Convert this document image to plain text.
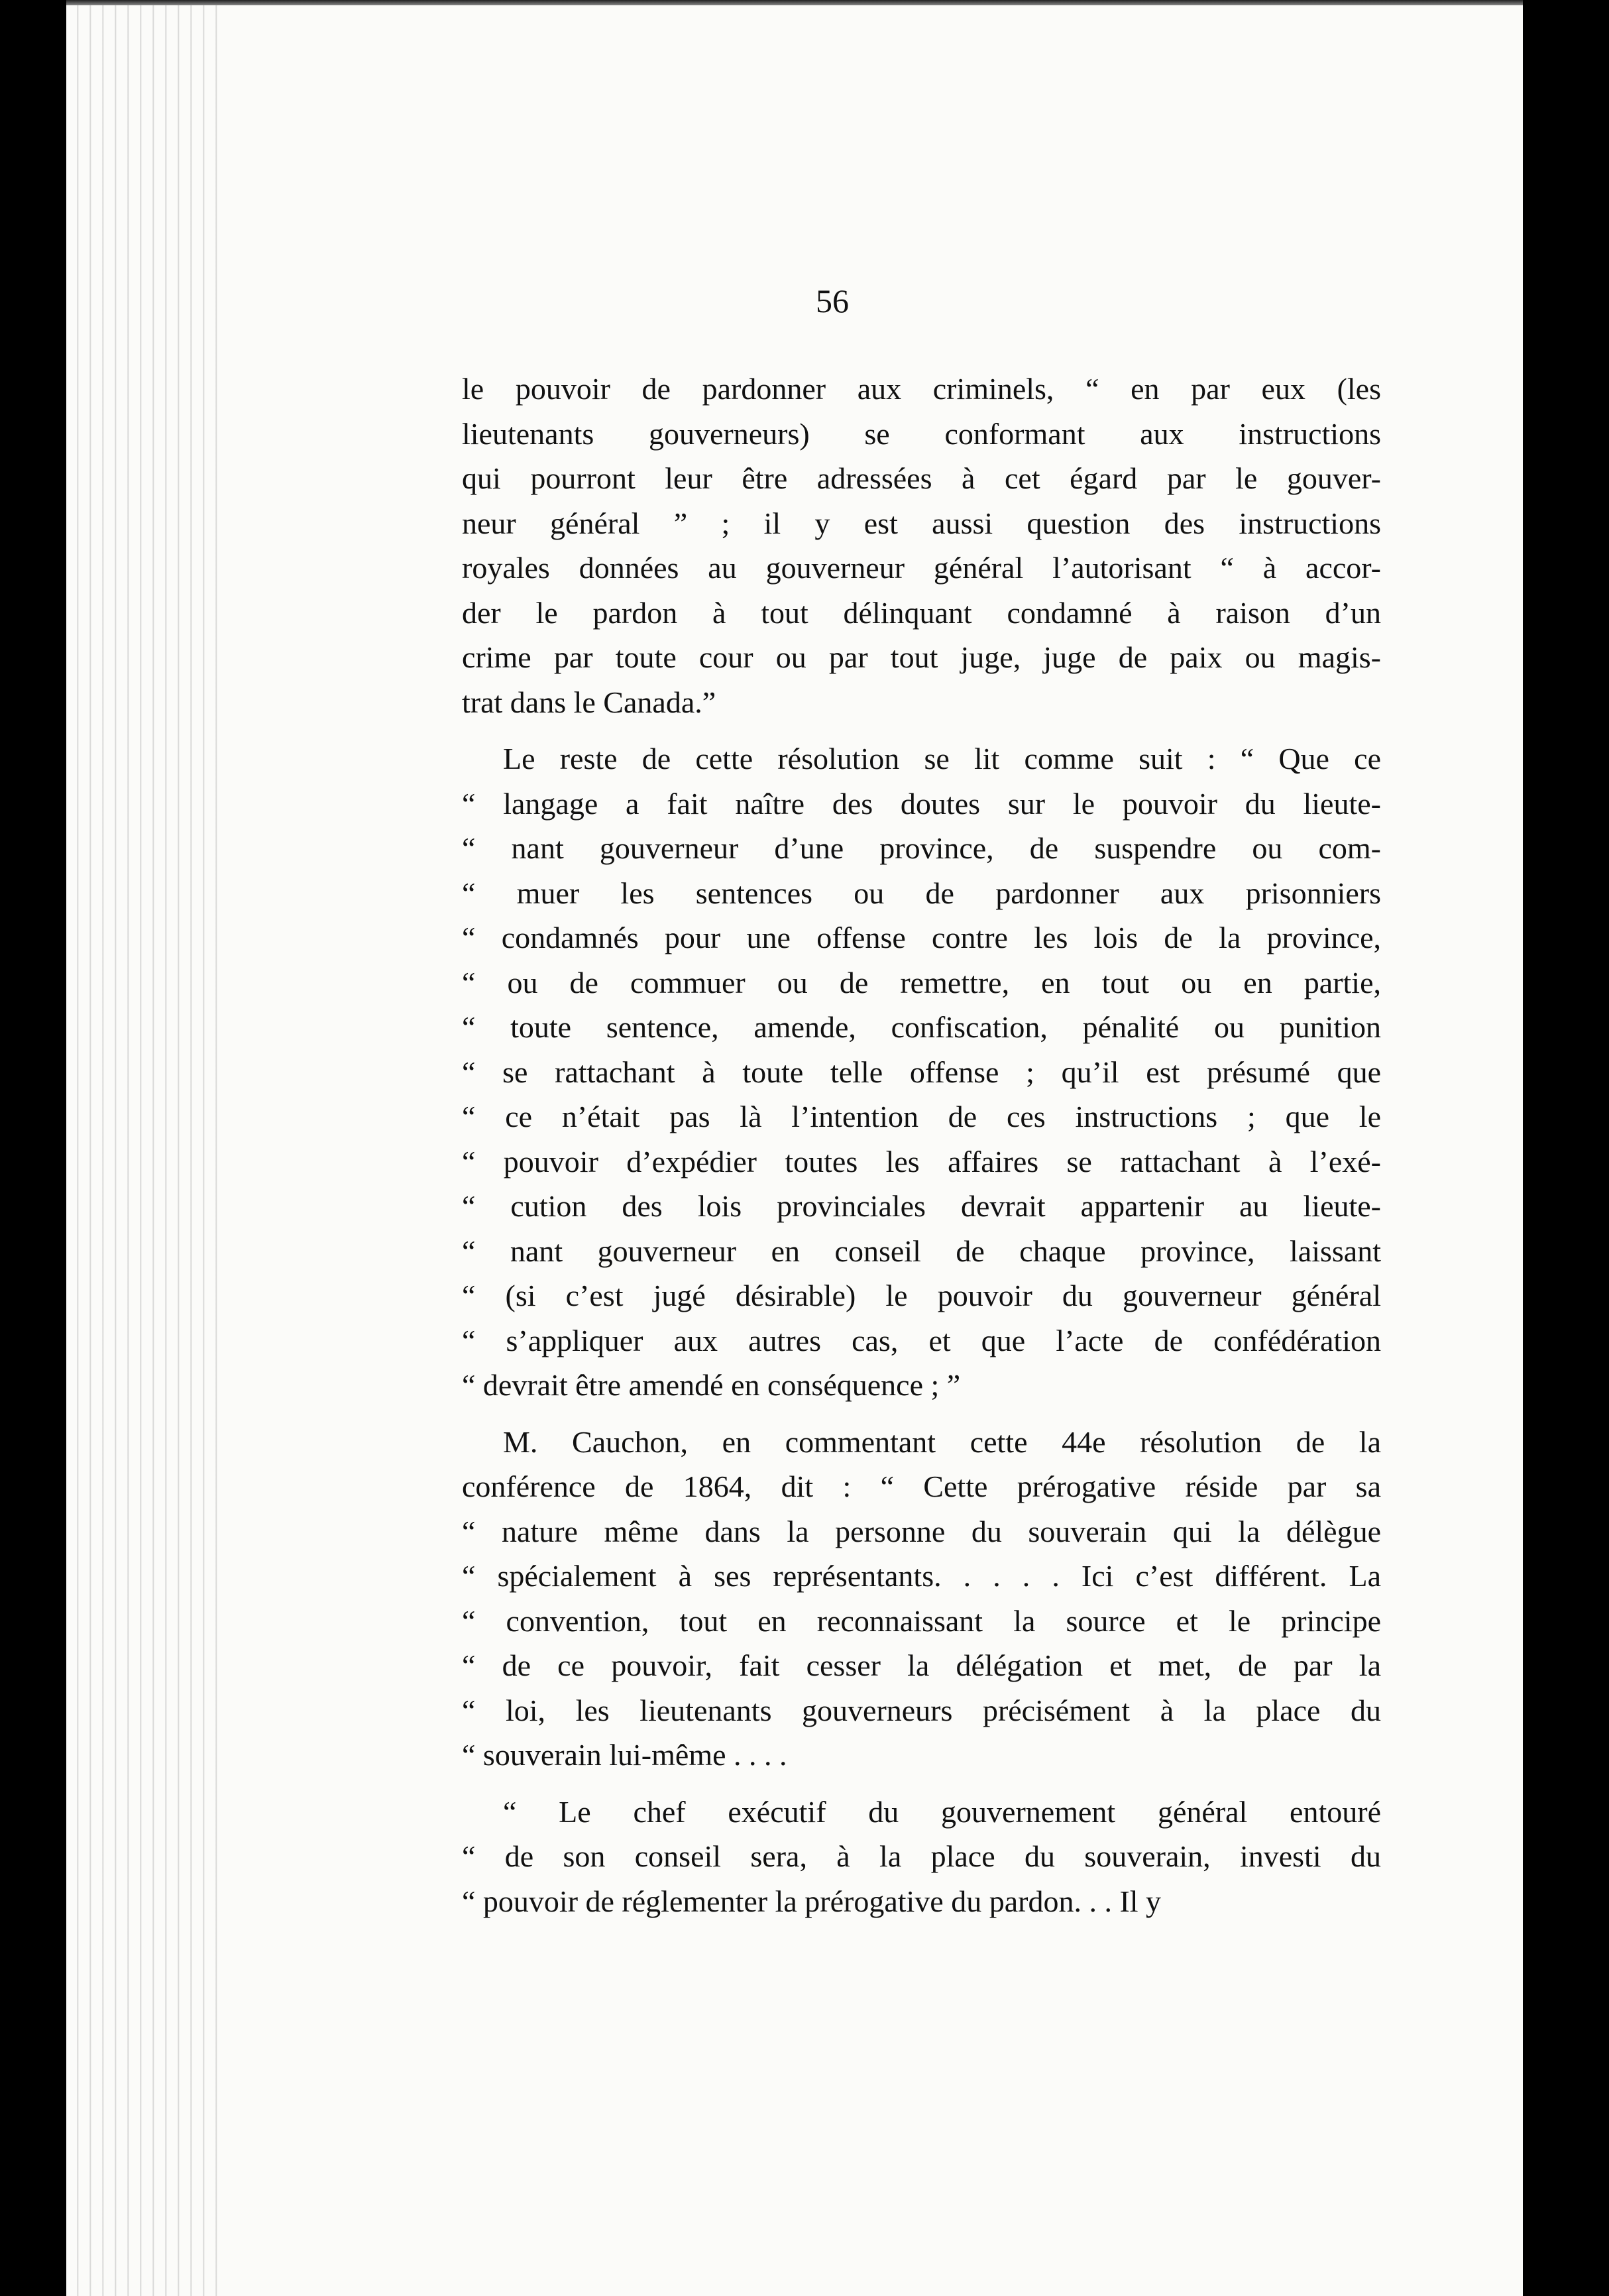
56
le pouvoir de pardonner aux criminels, “ en par eux (les
lieutenants gouverneurs) se conformant aux instructions
qui pourront leur être adressées à cet égard par le gouver-
neur général ” ; il y est aussi question des instructions
royales données au gouverneur général l’autorisant “ à accor-
der le pardon à tout délinquant condamné à raison d’un
crime par toute cour ou par tout juge, juge de paix ou magis-
trat dans le Canada.”
Le reste de cette résolution se lit comme suit : “ Que ce
“ langage a fait naître des doutes sur le pouvoir du lieute-
“ nant gouverneur d’une province, de suspendre ou com-
“ muer les sentences ou de pardonner aux prisonniers
“ condamnés pour une offense contre les lois de la province,
“ ou de commuer ou de remettre, en tout ou en partie,
“ toute sentence, amende, confiscation, pénalité ou punition
“ se rattachant à toute telle offense ; qu’il est présumé que
“ ce n’était pas là l’intention de ces instructions ; que le
“ pouvoir d’expédier toutes les affaires se rattachant à l’exé-
“ cution des lois provinciales devrait appartenir au lieute-
“ nant gouverneur en conseil de chaque province, laissant
“ (si c’est jugé désirable) le pouvoir du gouverneur général
“ s’appliquer aux autres cas, et que l’acte de confédération
“ devrait être amendé en conséquence ; ”
M. Cauchon, en commentant cette 44e résolution de la
conférence de 1864, dit : “ Cette prérogative réside par sa
“ nature même dans la personne du souverain qui la délègue
“ spécialement à ses représentants. . . . . Ici c’est différent. La
“ convention, tout en reconnaissant la source et le principe
“ de ce pouvoir, fait cesser la délégation et met, de par la
“ loi, les lieutenants gouverneurs précisément à la place du
“ souverain lui-même . . . .
“ Le chef exécutif du gouvernement général entouré
“ de son conseil sera, à la place du souverain, investi du
“ pouvoir de réglementer la prérogative du pardon. . . Il y
